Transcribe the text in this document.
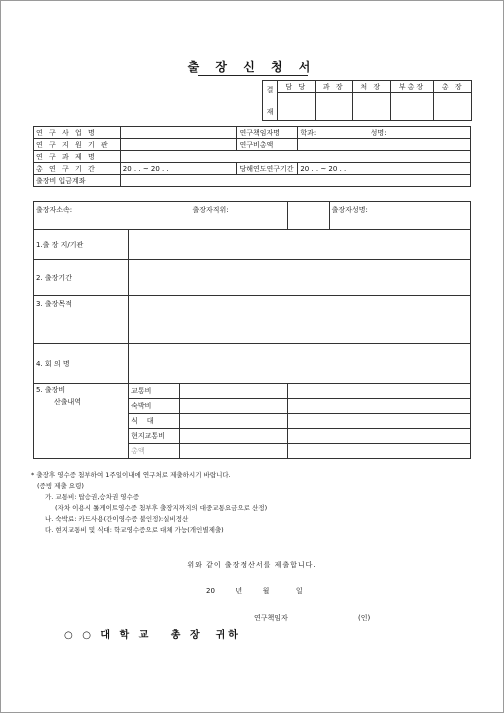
출 장 신 청 서
결
재	담 당	과 장	처 장	부총장	총 장

연 구 사 업 명		연구책임자명	학과: 성명:
연 구 지 원 기 관		연구비총액	
연 구 과 제 명			
총 연 구 기 간	20 . . ~ 20 . .	당해연도연구기간	20 . . ~ 20 . .
출장비 입금계좌			
출장자소속:			출장자직위:	출장자성명:
1.출 장 지/기관				
2. 출장기간				
3. 출장목적				
4. 회 의 명				

5. 출장비
산출내역	교통비			
	숙박비			
	식    대			
	현지교통비			
	총액			
* 출장후 영수증 첨부하여 1주일이내에 연구처로 제출하시기 바랍니다.
(증빙 제출 요령)
가. 교통비: 탑승권,승차권 영수증
(자차 이용시 톨게이트영수증 첨부후 출장지까지의 대중교통요금으로 산정)
나. 숙박료: 카드사용(간이영수증 불인정):실비정산
다. 현지교통비 및 식대: 학교영수증으로 대체 가능(개인별제출)
위와 같이 출장정산서를 제출합니다.
20	년	월	일
연구책임자	(인)
○ ○ 대 학 교   총 장  귀하
